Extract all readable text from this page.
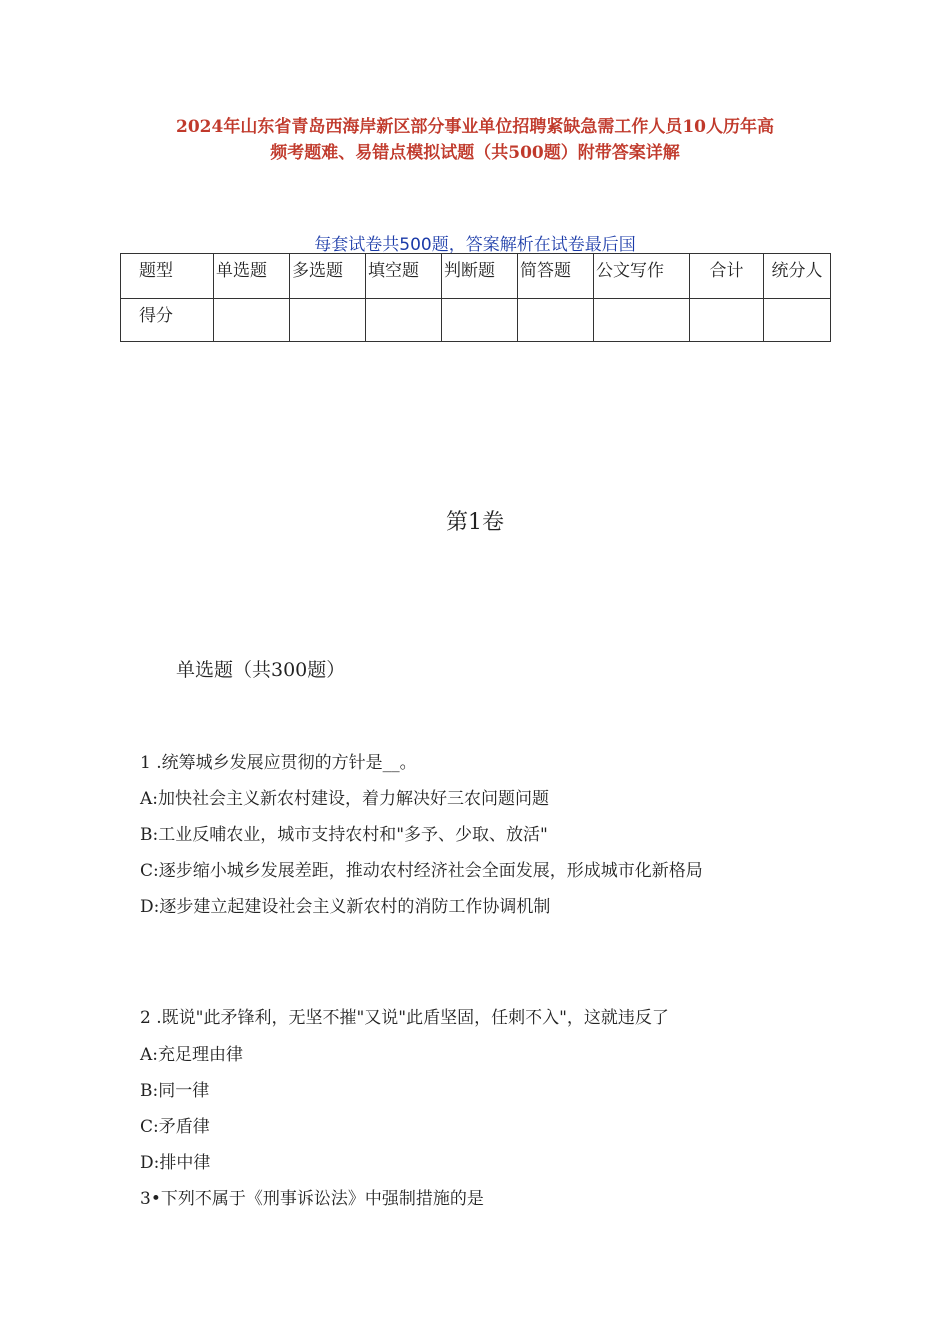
2024年山东省青岛西海岸新区部分事业单位招聘紧缺急需工作人员10人历年高
频考题难、易错点模拟试题（共500题）附带答案详解
每套试卷共500题，答案解析在试卷最后国
题型	单选题	多选题	填空题	判断题	简答题	公文写作	合计	统分人
得分								
第1卷
单选题（共300题）
1 .统筹城乡发展应贯彻的方针是__。
A:加快社会主义新农村建设，着力解决好三农问题问题
B:工业反哺农业，城市支持农村和"多予、少取、放活"
C:逐步缩小城乡发展差距，推动农村经济社会全面发展，形成城市化新格局
D:逐步建立起建设社会主义新农村的消防工作协调机制
2 .既说"此矛锋利，无坚不摧"又说"此盾坚固，任刺不入"，这就违反了
A:充足理由律
B:同一律
C:矛盾律
D:排中律
3•下列不属于《刑事诉讼法》中强制措施的是
